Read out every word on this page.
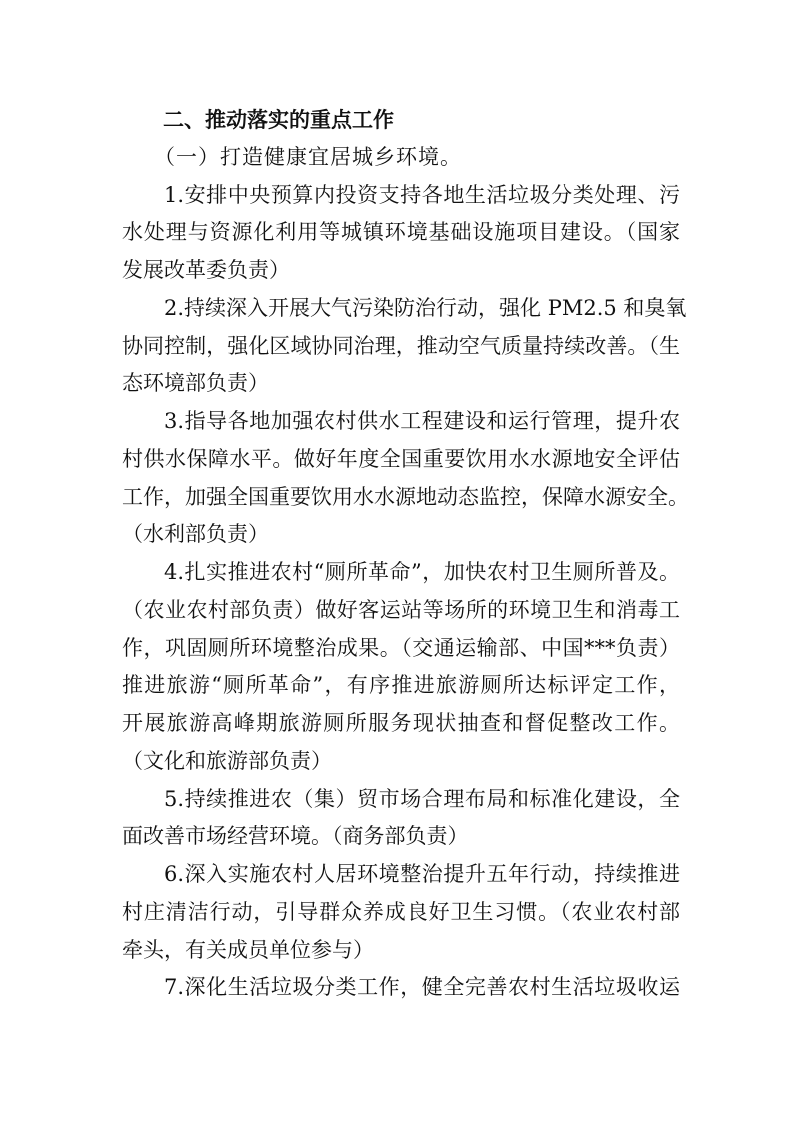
二、推动落实的重点工作
（一）打造健康宜居城乡环境。
1.安排中央预算内投资支持各地生活垃圾分类处理、污
水处理与资源化利用等城镇环境基础设施项目建设。（国家
发展改革委负责）
2.持续深入开展大气污染防治行动，强化 PM2.5 和臭氧
协同控制，强化区域协同治理，推动空气质量持续改善。（生
态环境部负责）
3.指导各地加强农村供水工程建设和运行管理，提升农
村供水保障水平。做好年度全国重要饮用水水源地安全评估
工作，加强全国重要饮用水水源地动态监控，保障水源安全。
（水利部负责）
4.扎实推进农村“厕所革命”，加快农村卫生厕所普及。
（农业农村部负责）做好客运站等场所的环境卫生和消毒工
作，巩固厕所环境整治成果。（交通运输部、中国***负责）
推进旅游“厕所革命”，有序推进旅游厕所达标评定工作，
开展旅游高峰期旅游厕所服务现状抽查和督促整改工作。
（文化和旅游部负责）
5.持续推进农（集）贸市场合理布局和标准化建设，全
面改善市场经营环境。（商务部负责）
6.深入实施农村人居环境整治提升五年行动，持续推进
村庄清洁行动，引导群众养成良好卫生习惯。（农业农村部
牵头，有关成员单位参与）
7.深化生活垃圾分类工作，健全完善农村生活垃圾收运
